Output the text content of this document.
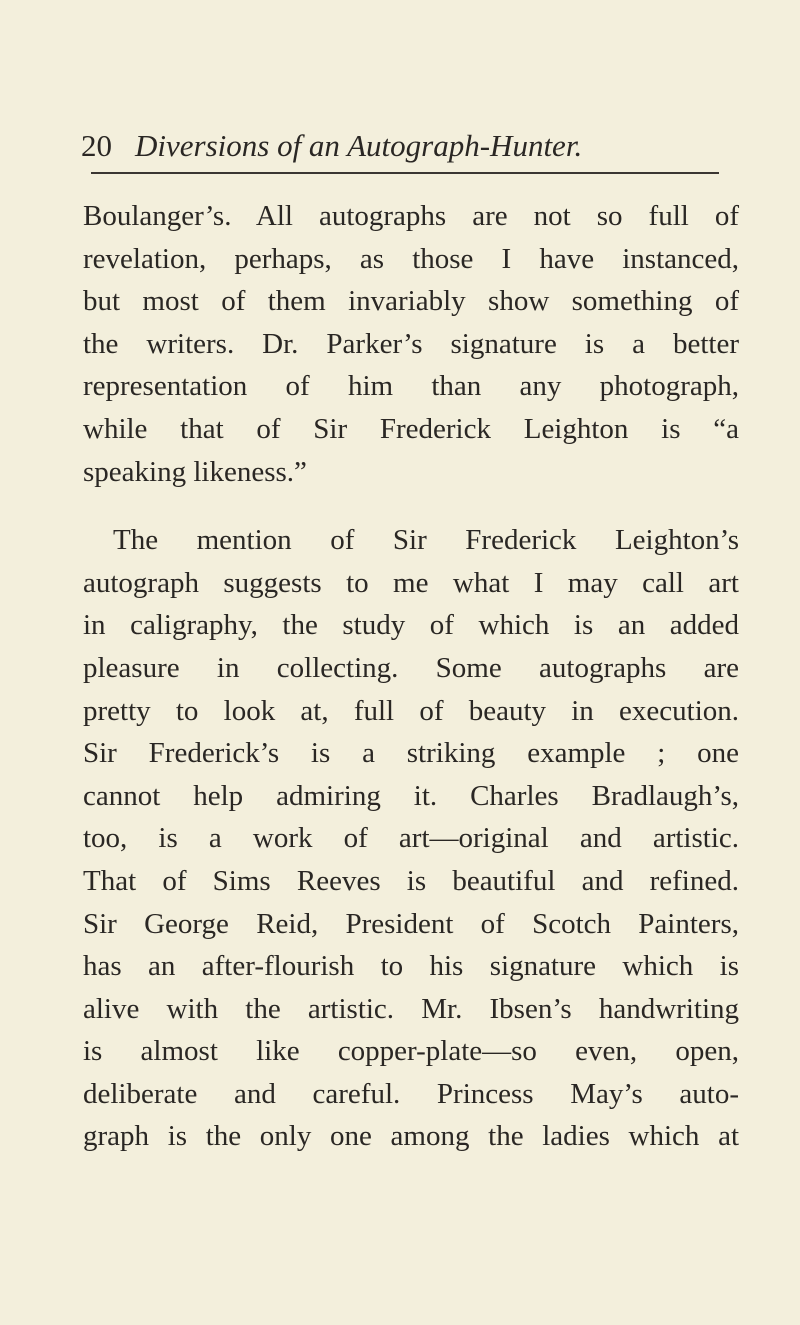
20 Diversions of an Autograph-Hunter.

Boulanger’s. All autographs are not so full of
revelation, perhaps, as those I have instanced,
but most of them invariably show something of
the writers. Dr. Parker’s signature is a better
representation of him than any photograph,
while that of Sir Frederick Leighton is “a
speaking likeness.”

The mention of Sir Frederick Leighton’s
autograph suggests to me what I may call art
in caligraphy, the study of which is an added
pleasure in collecting. Some autographs are
pretty to look at, full of beauty in execution.
Sir Frederick’s is a striking example ; one
cannot help admiring it. Charles Bradlaugh’s,
too, is a work of art—original and artistic.
That of Sims Reeves is beautiful and refined.
Sir George Reid, President of Scotch Painters,
has an after-flourish to his signature which is
alive with the artistic. Mr. Ibsen’s handwriting
is almost like copper-plate—so even, open,
deliberate and careful. Princess May’s auto-
graph is the only one among the ladies which at
